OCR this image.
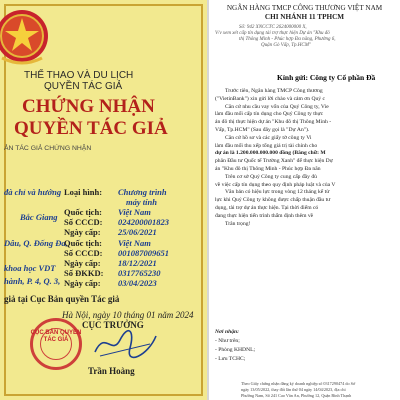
THỂ THAO VÀ DU LỊCH
QUYỀN TÁC GIẢ
CHỨNG NHẬN
QUYỀN TÁC GIẢ
ẢN TÁC GIẢ CHỨNG NHẬN
đà chỉ và hướng
Bắc Giang
Dâu, Q. Đống Đa,
khoa học VDT
hành, P. 4, Q. 3,
Loại hình: Chương trình
máy tính
Quốc tịch: Việt Nam
Số CCCD: 024200001823
Ngày cấp: 25/06/2021
Quốc tịch: Việt Nam
Số CCCD: 001087009651
Ngày cấp: 18/12/2021
Số ĐKKD: 0317765230
Ngày cấp: 03/04/2023
giả tại Cục Bản quyền Tác giả
Hà Nội, ngày 10 tháng 01 năm 2024
CỤC TRƯỞNG
CỤC BẢN QUYỀN TÁC GIẢ
Trần Hoàng
NGÂN HÀNG TMCP CÔNG THƯƠNG VIỆT NAM
CHI NHÁNH 11 TPHCM
Số: 942 XNCCTC 2624000000 X,
V/v xem xét cấp tín dụng tài trợ thực hiện Dự án "Khu đô
thị Thông Minh - Phúc hợp Đa năng, Phường 6,
Quận Gò Vấp, Tp.HCM"
Kính gửi: Công ty Cổ phần Đầ

Trước tiên, Ngân hàng TMCP Công thương

("VietinBank") xin gửi lời chào và cảm ơn Quý c

Căn cứ nhu cầu vay vốn của Quý Công ty, Vie

làm đầu mối cấp tín dụng cho Quý Công ty thực

án đô thị thực hiện dự án "Khu đô thị Thông Minh -

Vấp, Tp.HCM" (Sau đây gọi là "Dự Án").

Căn cứ hồ sơ và các giấy tờ công ty Vi

làm đầu mối thu xếp tổng giá trị tài chính cho

dự án là 1.200.000.000.000 đồng (Bằng chữ: M

phân Đầu tư Quốc tế Trường Xanh" để thực hiện Dự

án "Khu đô thị Thông Minh - Phúc hợp Đa năn

Trên cơ sở Quý Công ty cung cấp đầy đủ

về việc cấp tín dụng theo quy định pháp luật và của V

Văn bản có hiệu lực trong vòng 12 tháng kể từ

lực khi Quý Công ty không được chấp thuận đầu tư

dụng, tài trợ dự án thực hiện. Tại thời điểm có

đang thực hiện tiến trình thẩm định thêm về

Trân trọng!

Nơi nhận:
- Như trên;
- Phòng KHDNL;
- Lưu TCHC;
Theo Giấy chứng nhận đăng ký doanh nghiệp số 0317290474 do Sở
ngày 13/05/2022, thay đổi lần thứ 04 ngày 14/04/2023, địa chỉ
Phường Nam, Số 241 Cao Văn An, Phường 12, Quận Bình Thạnh
